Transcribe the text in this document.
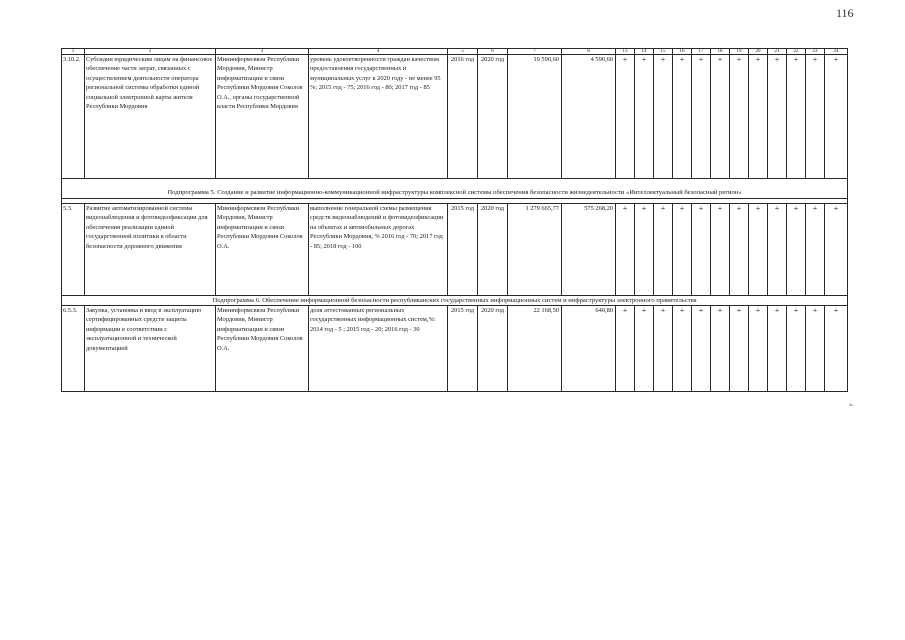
116
1	2	3	4	5	6	7	8	13	14	15	16	17	18	19	20	21	22	23	24
3.10.2.	Субсидии юридическим лицам на финансовое обеспечение части затрат, связанных с осуществлением деятельности оператора региональной системы обработки единой социальной электронной карты жителя Республики Мордовия	Мининформсвязи Республики Мордовия, Министр информатизации и связи Республики Мордовия Соколов О.А., органы государственной власти Республики Мордовия	уровень удовлетворенности граждан качеством предоставления государственных и муниципальных услуг к 2020 году - не менее 95 %; 2015 год - 75; 2016 год - 80; 2017 год - 85	2016 год	2020 год	19 590,60	4 590,60	+	+	+	+	+	+	+	+	+	+	+	+
Подпрограмма 5. Создание и развитие информационно-коммуникационной инфраструктуры комплексной системы обеспечения безопасности жизнедеятельности «Интеллектуальный безопасный регион»																			

5.3.	Развитие автоматизированной системы видеонаблюдения и фотовидеофиксации для обеспечения реализации единой государственной политики в области безопасности дорожного движения	Мининформсвязи Республики Мордовия, Министр информатизации и связи Республики Мордовия Соколов О.А.	выполнение генеральной схемы размещения средств видеонаблюдений и фотовидеофиксации на объектах и автомобильных дорогах Республики Мордовия, % 2016 год - 70; 2017 год - 85; 2018 год - 100	2015 год	2020 год	1 279 665,77	575 268,20	+	+	+	+	+	+	+	+	+	+	+	+
Подпрограмма 6. Обеспечение информационной безопасности республиканских государственных информационных систем и инфраструктуры электронного правительства																			
6.5.3.	Закупка, установка и ввод в эксплуатацию сертифицированных средств защиты информации в соответствии с эксплуатационной и технической документацией	Мининформсвязи Республики Мордовия, Министр информатизации и связи Республики Мордовия Соколов О.А.	доля аттестованных региональных государственных информационных систем,%: 2014 год - 5 ; 2015 год - 20; 2016 год - 30	2015 год	2020 год	22 168,50	640,80	+	+	+	+	+	+	+	+	+	+	+	+
».
